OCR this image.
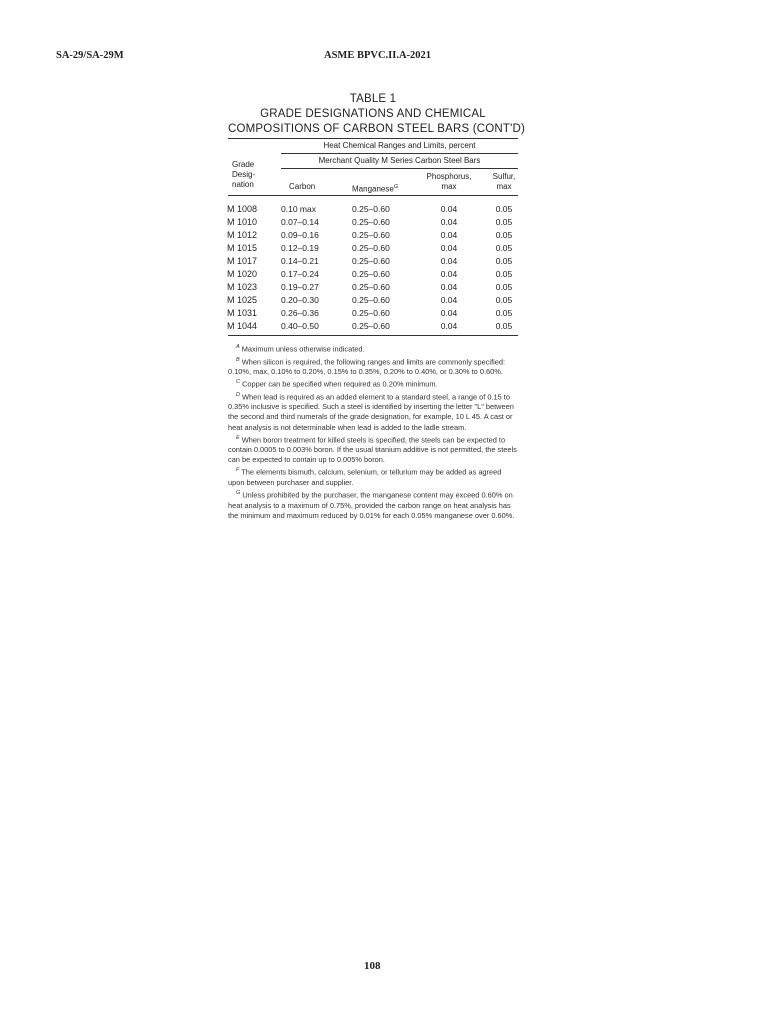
SA-29/SA-29M	ASME BPVC.II.A-2021
TABLE 1
GRADE DESIGNATIONS AND CHEMICAL
COMPOSITIONS OF CARBON STEEL BARS (CONT'D)
Heat Chemical Ranges and Limits, percent
Merchant Quality M Series Carbon Steel Bars
Grade
Desig-
nation	Carbon	Manganese$^G$
Phosphorus,
max
Sulfur,
max
M 1008	0.10 max	0.25–0.60	0.04	0.05
M 1010	0.07–0.14	0.25–0.60	0.04	0.05
M 1012	0.09–0.16	0.25–0.60	0.04	0.05
M 1015	0.12–0.19	0.25–0.60	0.04	0.05
M 1017	0.14–0.21	0.25–0.60	0.04	0.05
M 1020	0.17–0.24	0.25–0.60	0.04	0.05
M 1023	0.19–0.27	0.25–0.60	0.04	0.05
M 1025	0.20–0.30	0.25–0.60	0.04	0.05
M 1031	0.26–0.36	0.25–0.60	0.04	0.05
M 1044	0.40–0.50	0.25–0.60	0.04	0.05

$^A$ Maximum unless otherwise indicated.

$^B$ When silicon is required, the following ranges and limits are commonly specified: 0.10%, max, 0.10% to 0.20%, 0.15% to 0.35%, 0.20% to 0.40%, or 0.30% to 0.60%.

$^C$ Copper can be specified when required as 0.20% minimum.

$^D$ When lead is required as an added element to a standard steel, a range of 0.15 to 0.35% inclusive is specified. Such a steel is identified by inserting the letter "L" between the second and third numerals of the grade designation, for example, 10 L 45. A cast or heat analysis is not determinable when lead is added to the ladle stream.

$^E$ When boron treatment for killed steels is specified, the steels can be expected to contain 0.0005 to 0.003% boron. If the usual titanium additive is not permitted, the steels can be expected to contain up to 0.005% boron.

$^F$ The elements bismuth, calcium, selenium, or tellurium may be added as agreed upon between purchaser and supplier.

$^G$ Unless prohibited by the purchaser, the manganese content may exceed 0.60% on heat analysis to a maximum of 0.75%, provided the carbon range on heat analysis has the minimum and maximum reduced by 0.01% for each 0.05% manganese over 0.60%.

108
